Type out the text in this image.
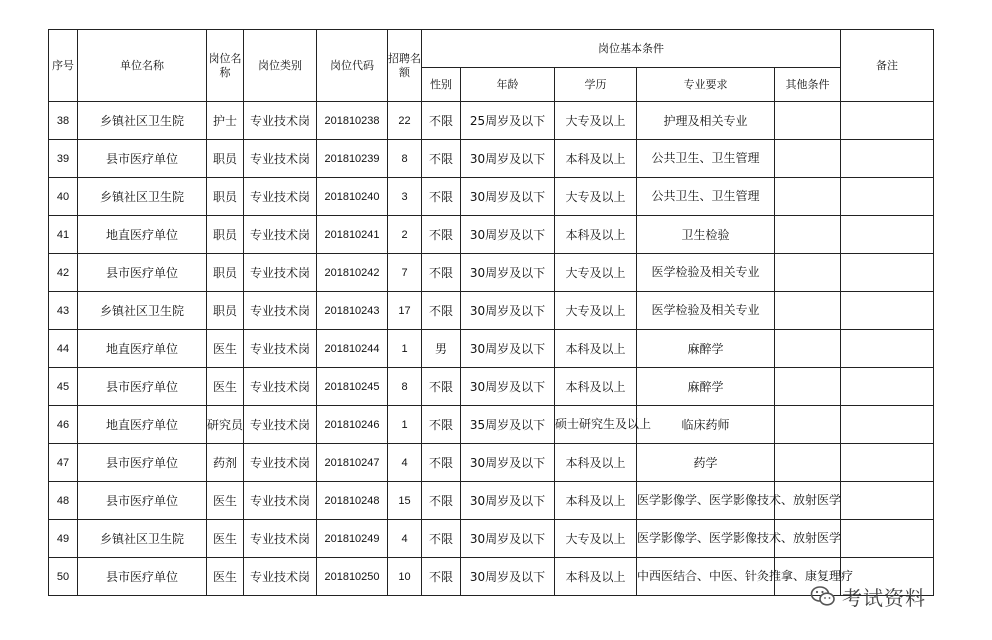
序号	单位名称	岗位名称	岗位类别	岗位代码	招聘名额	岗位基本条件					备注
						性别	年龄	学历	专业要求	其他条件	
38	乡镇社区卫生院	护士	专业技术岗	201810238	22	不限	25周岁及以下	大专及以上	护理及相关专业		
39	县市医疗单位	职员	专业技术岗	201810239	8	不限	30周岁及以下	本科及以上	公共卫生、卫生管理		
40	乡镇社区卫生院	职员	专业技术岗	201810240	3	不限	30周岁及以下	大专及以上	公共卫生、卫生管理		
41	地直医疗单位	职员	专业技术岗	201810241	2	不限	30周岁及以下	本科及以上	卫生检验		
42	县市医疗单位	职员	专业技术岗	201810242	7	不限	30周岁及以下	大专及以上	医学检验及相关专业		
43	乡镇社区卫生院	职员	专业技术岗	201810243	17	不限	30周岁及以下	大专及以上	医学检验及相关专业		
44	地直医疗单位	医生	专业技术岗	201810244	1	男	30周岁及以下	本科及以上	麻醉学		
45	县市医疗单位	医生	专业技术岗	201810245	8	不限	30周岁及以下	本科及以上	麻醉学		
46	地直医疗单位	研究员	专业技术岗	201810246	1	不限	35周岁及以下	硕士研究生及以上	临床药师		
47	县市医疗单位	药剂	专业技术岗	201810247	4	不限	30周岁及以下	本科及以上	药学		
48	县市医疗单位	医生	专业技术岗	201810248	15	不限	30周岁及以下	本科及以上	医学影像学、医学影像技术、放射医学		
49	乡镇社区卫生院	医生	专业技术岗	201810249	4	不限	30周岁及以下	大专及以上	医学影像学、医学影像技术、放射医学		
50	县市医疗单位	医生	专业技术岗	201810250	10	不限	30周岁及以下	本科及以上	中西医结合、中医、针灸推拿、康复理疗		
考试资料
